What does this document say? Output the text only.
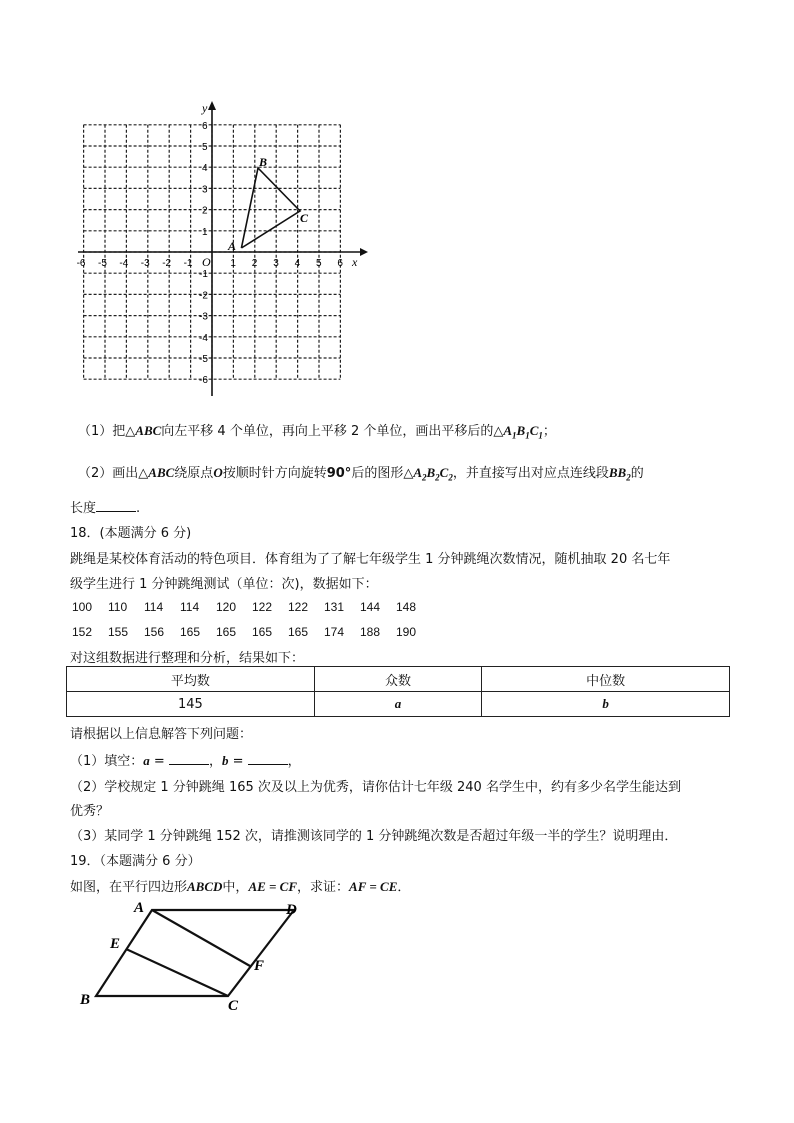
x
y
O
-6 -5 -4 -3 -2 -1	1 2 3 4 5 6
6
5
4
3
2
1
-1
-2
-3
-4
-5
-6
A
B
C
（1）把△ABC向左平移 4 个单位，再向上平移 2 个单位，画出平移后的$\triangle A_1B_1C_1$；
（2）画出△ABC绕原点O按顺时针方向旋转90°后的图形$\triangle A_2B_2C_2$，并直接写出对应点连线段$BB_2$的
长度	.
18．(本题满分 6 分)
跳绳是某校体育活动的特色项目．体育组为了了解七年级学生 1 分钟跳绳次数情况，随机抽取 20 名七年
级学生进行 1 分钟跳绳测试（单位：次)，数据如下：
100 110 114 114 120 122 122 131 144 148
152 155 156 165 165 165 165 174 188 190
对这组数据进行整理和分析，结果如下：
平均数	众数	中位数
145	a	b
请根据以上信息解答下列问题：
（1）填空：a =	，b =	，
（2）学校规定 1 分钟跳绳 165 次及以上为优秀，请你估计七年级 240 名学生中，约有多少名学生能达到
优秀？
（3）某同学 1 分钟跳绳 152 次，请推测该同学的 1 分钟跳绳次数是否超过年级一半的学生？说明理由．
19．（本题满分 6 分）
如图，在平行四边形ABCD中，AE = CF，求证：AF = CE．
A	D
E
F
B	C
